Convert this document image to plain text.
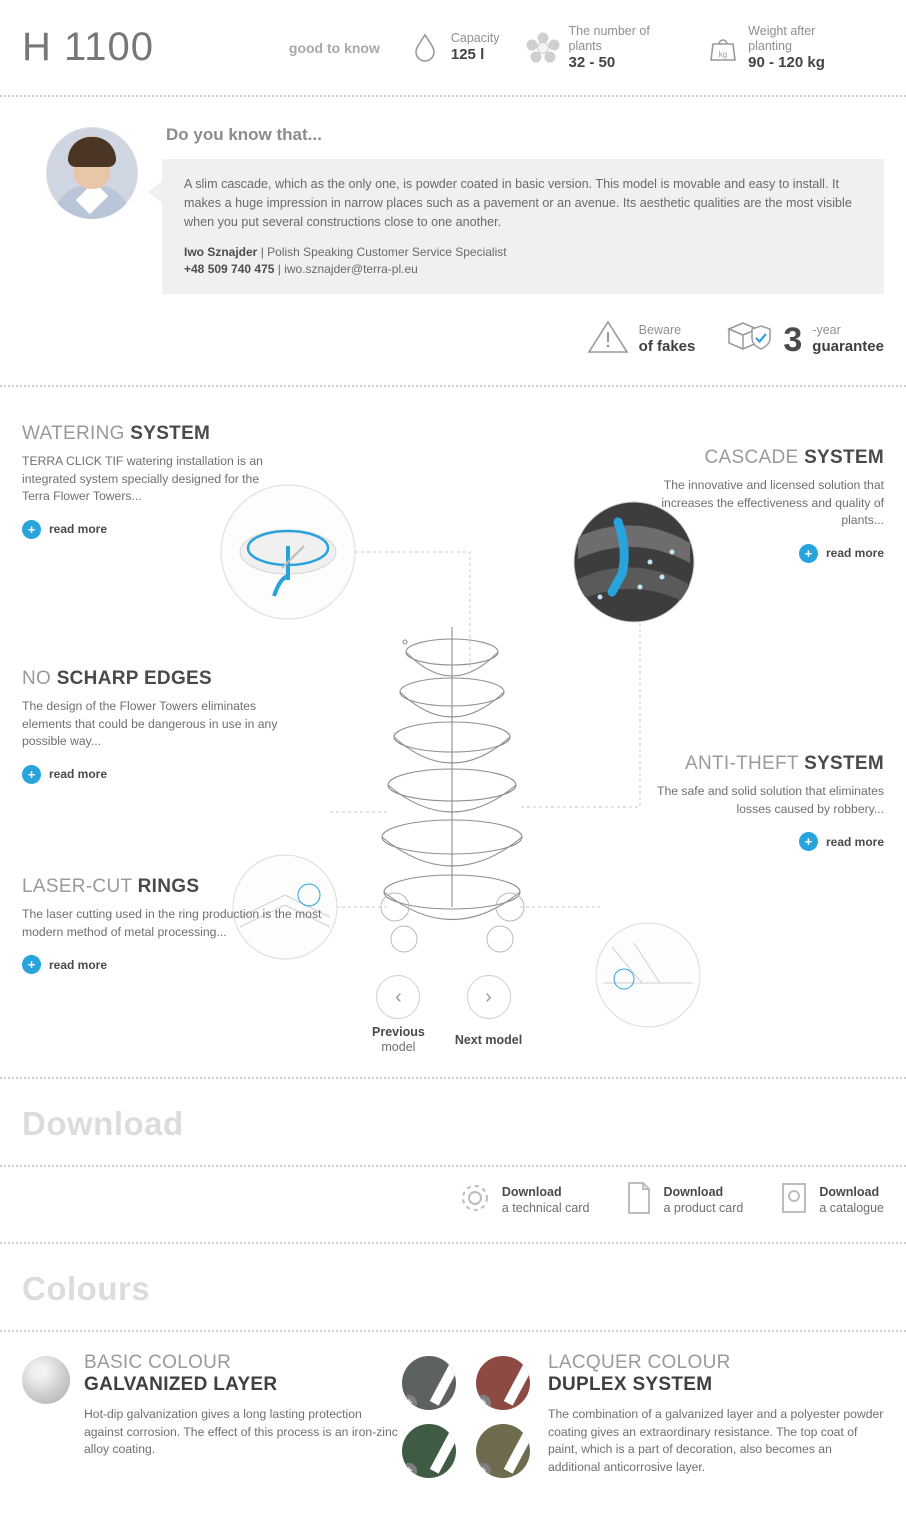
H 1100	good to know
Capacity
125 l
The number of plants
32 - 50	kg
Weight after planting
90 - 120 kg
Do you know that...
A slim cascade, which as the only one, is powder coated in basic version. This model is movable and easy to install. It makes a huge impression in narrow places such as a pavement or an avenue. Its aesthetic qualities are the most visible when you put several constructions close to one another.
Iwo Sznajder | Polish Speaking Customer Service Specialist
+48 509 740 475 | iwo.sznajder@terra-pl.eu
Beware
of fakes	3 -year
guarantee
WATERING SYSTEM

TERRA CLICK TIF watering installation is an integrated system specially designed for the Terra Flower Towers...

+	read more
CASCADE SYSTEM

The innovative and licensed solution that increases the effectiveness and quality of plants...

+	read more
NO SCHARP EDGES

The design of the Flower Towers eliminates elements that could be dangerous in use in any possible way...

+	read more	ANTI-THEFT SYSTEM

The safe and solid solution that eliminates losses caused by robbery...

+	read more
LASER-CUT RINGS

The laser cutting used in the ring production is the most modern method of metal processing...

+	read more
‹
Previous
model
›
Next model
Download
Download
a technical card
Download
a product card
Download
a catalogue
Colours
BASIC COLOUR
GALVANIZED LAYER

Hot-dip galvanization gives a long lasting protection against corrosion. The effect of this process is an iron-zinc alloy coating.

+	+
+	+
LACQUER COLOUR
DUPLEX SYSTEM

The combination of a galvanized layer and a polyester powder coating gives an extraordinary resistance. The top coat of paint, which is a part of decoration, also becomes an additional anticorrosive layer.
